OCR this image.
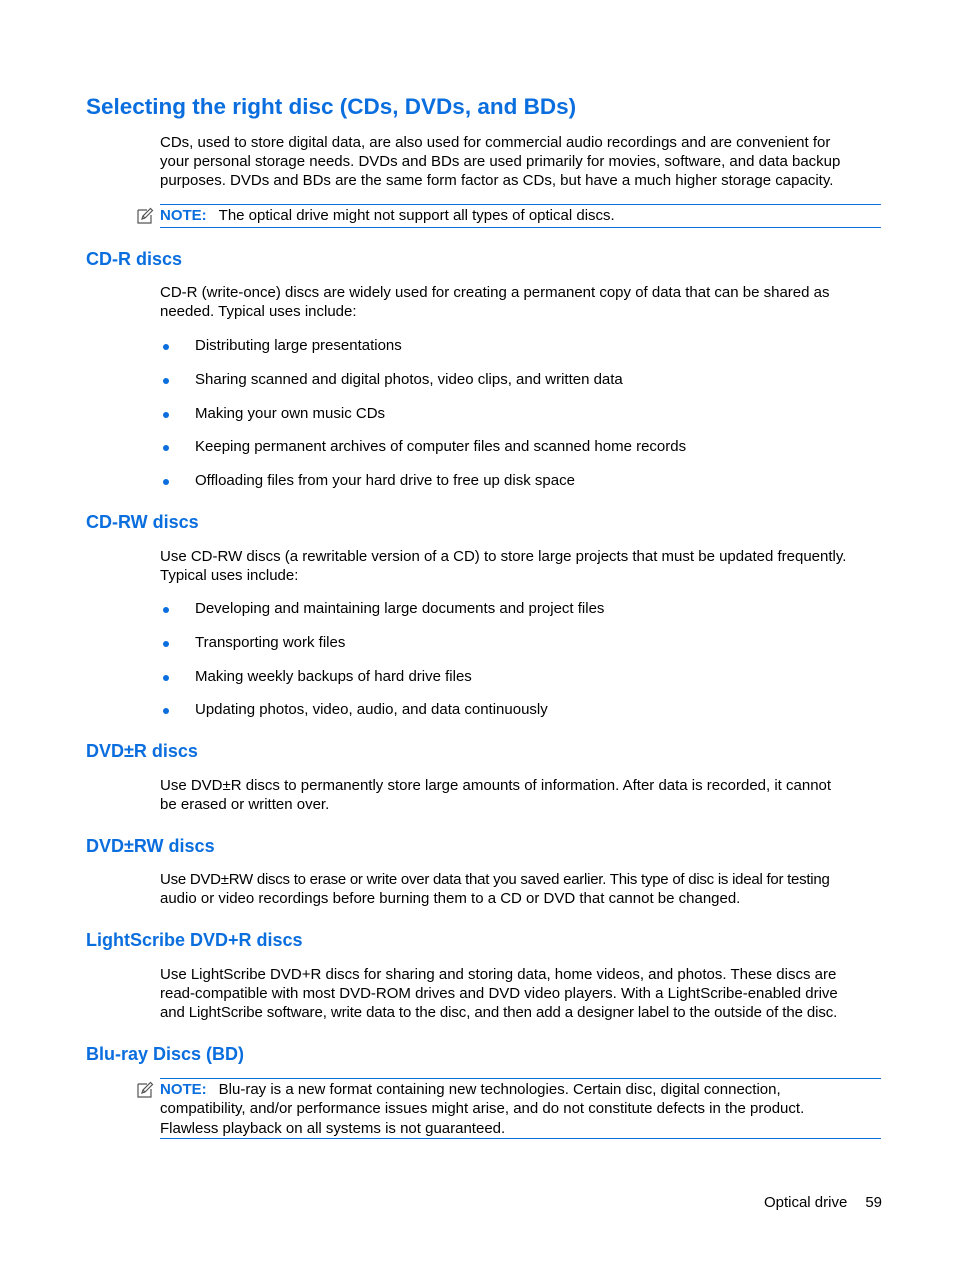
Selecting the right disc (CDs, DVDs, and BDs)
CDs, used to store digital data, are also used for commercial audio recordings and are convenient for
your personal storage needs. DVDs and BDs are used primarily for movies, software, and data backup
purposes. DVDs and BDs are the same form factor as CDs, but have a much higher storage capacity.
NOTE: The optical drive might not support all types of optical discs.
CD-R discs
CD-R (write-once) discs are widely used for creating a permanent copy of data that can be shared as
needed. Typical uses include:
Distributing large presentations
Sharing scanned and digital photos, video clips, and written data
Making your own music CDs
Keeping permanent archives of computer files and scanned home records
Offloading files from your hard drive to free up disk space
CD-RW discs
Use CD-RW discs (a rewritable version of a CD) to store large projects that must be updated frequently.
Typical uses include:
Developing and maintaining large documents and project files
Transporting work files
Making weekly backups of hard drive files
Updating photos, video, audio, and data continuously
DVD±R discs
Use DVD±R discs to permanently store large amounts of information. After data is recorded, it cannot
be erased or written over.
DVD±RW discs
Use DVD±RW discs to erase or write over data that you saved earlier. This type of disc is ideal for testing
audio or video recordings before burning them to a CD or DVD that cannot be changed.
LightScribe DVD+R discs
Use LightScribe DVD+R discs for sharing and storing data, home videos, and photos. These discs are
read-compatible with most DVD-ROM drives and DVD video players. With a LightScribe-enabled drive
and LightScribe software, write data to the disc, and then add a designer label to the outside of the disc.
Blu-ray Discs (BD)
NOTE: Blu-ray is a new format containing new technologies. Certain disc, digital connection,
compatibility, and/or performance issues might arise, and do not constitute defects in the product.
Flawless playback on all systems is not guaranteed.
Optical drive 59
